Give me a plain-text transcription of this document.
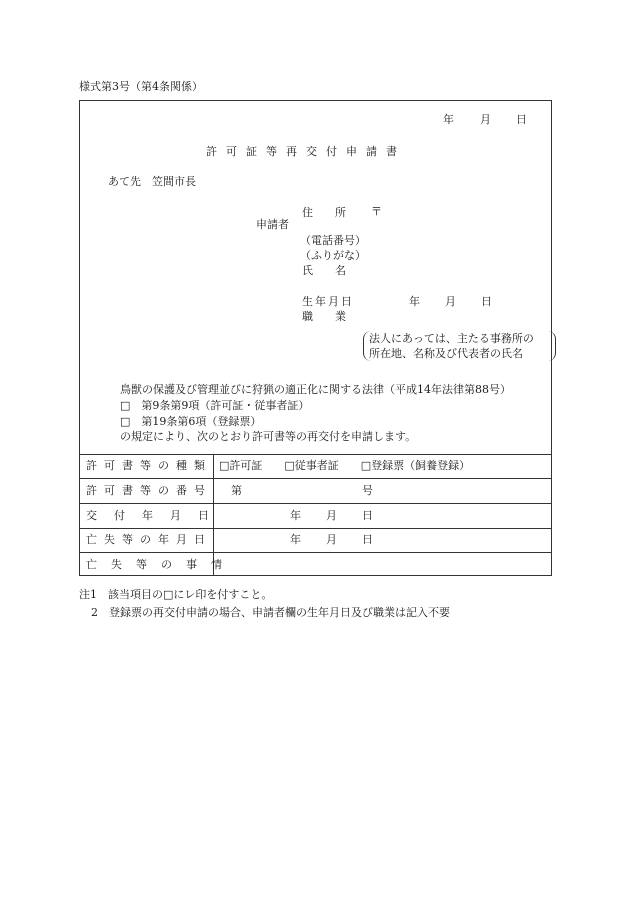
様式第3号（第4条関係）
年 月 日
許可証等再交付申請書
あて先　笠間市長
申請者
住　　所 〒
（電話番号）
（ふりがな）
氏　　名
生年月日	年 月 日
職　　業
法人にあっては、主たる事務所の
所在地、名称及び代表者の氏名
鳥獣の保護及び管理並びに狩猟の適正化に関する法律（平成14年法律第88号）
□　第9条第9項（許可証・従事者証）
□　第19条第6項（登録票）
の規定により、次のとおり許可書等の再交付を申請します。
許可書等の種類 □許可証　　□従事者証　　□登録票（飼養登録）
許可書等の番号 第	号
交付年月日	年 月 日
亡失等の年月日	年 月 日
亡失等の事情
注1　該当項目の□にレ印を付すこと。
2　登録票の再交付申請の場合、申請者欄の生年月日及び職業は記入不要
